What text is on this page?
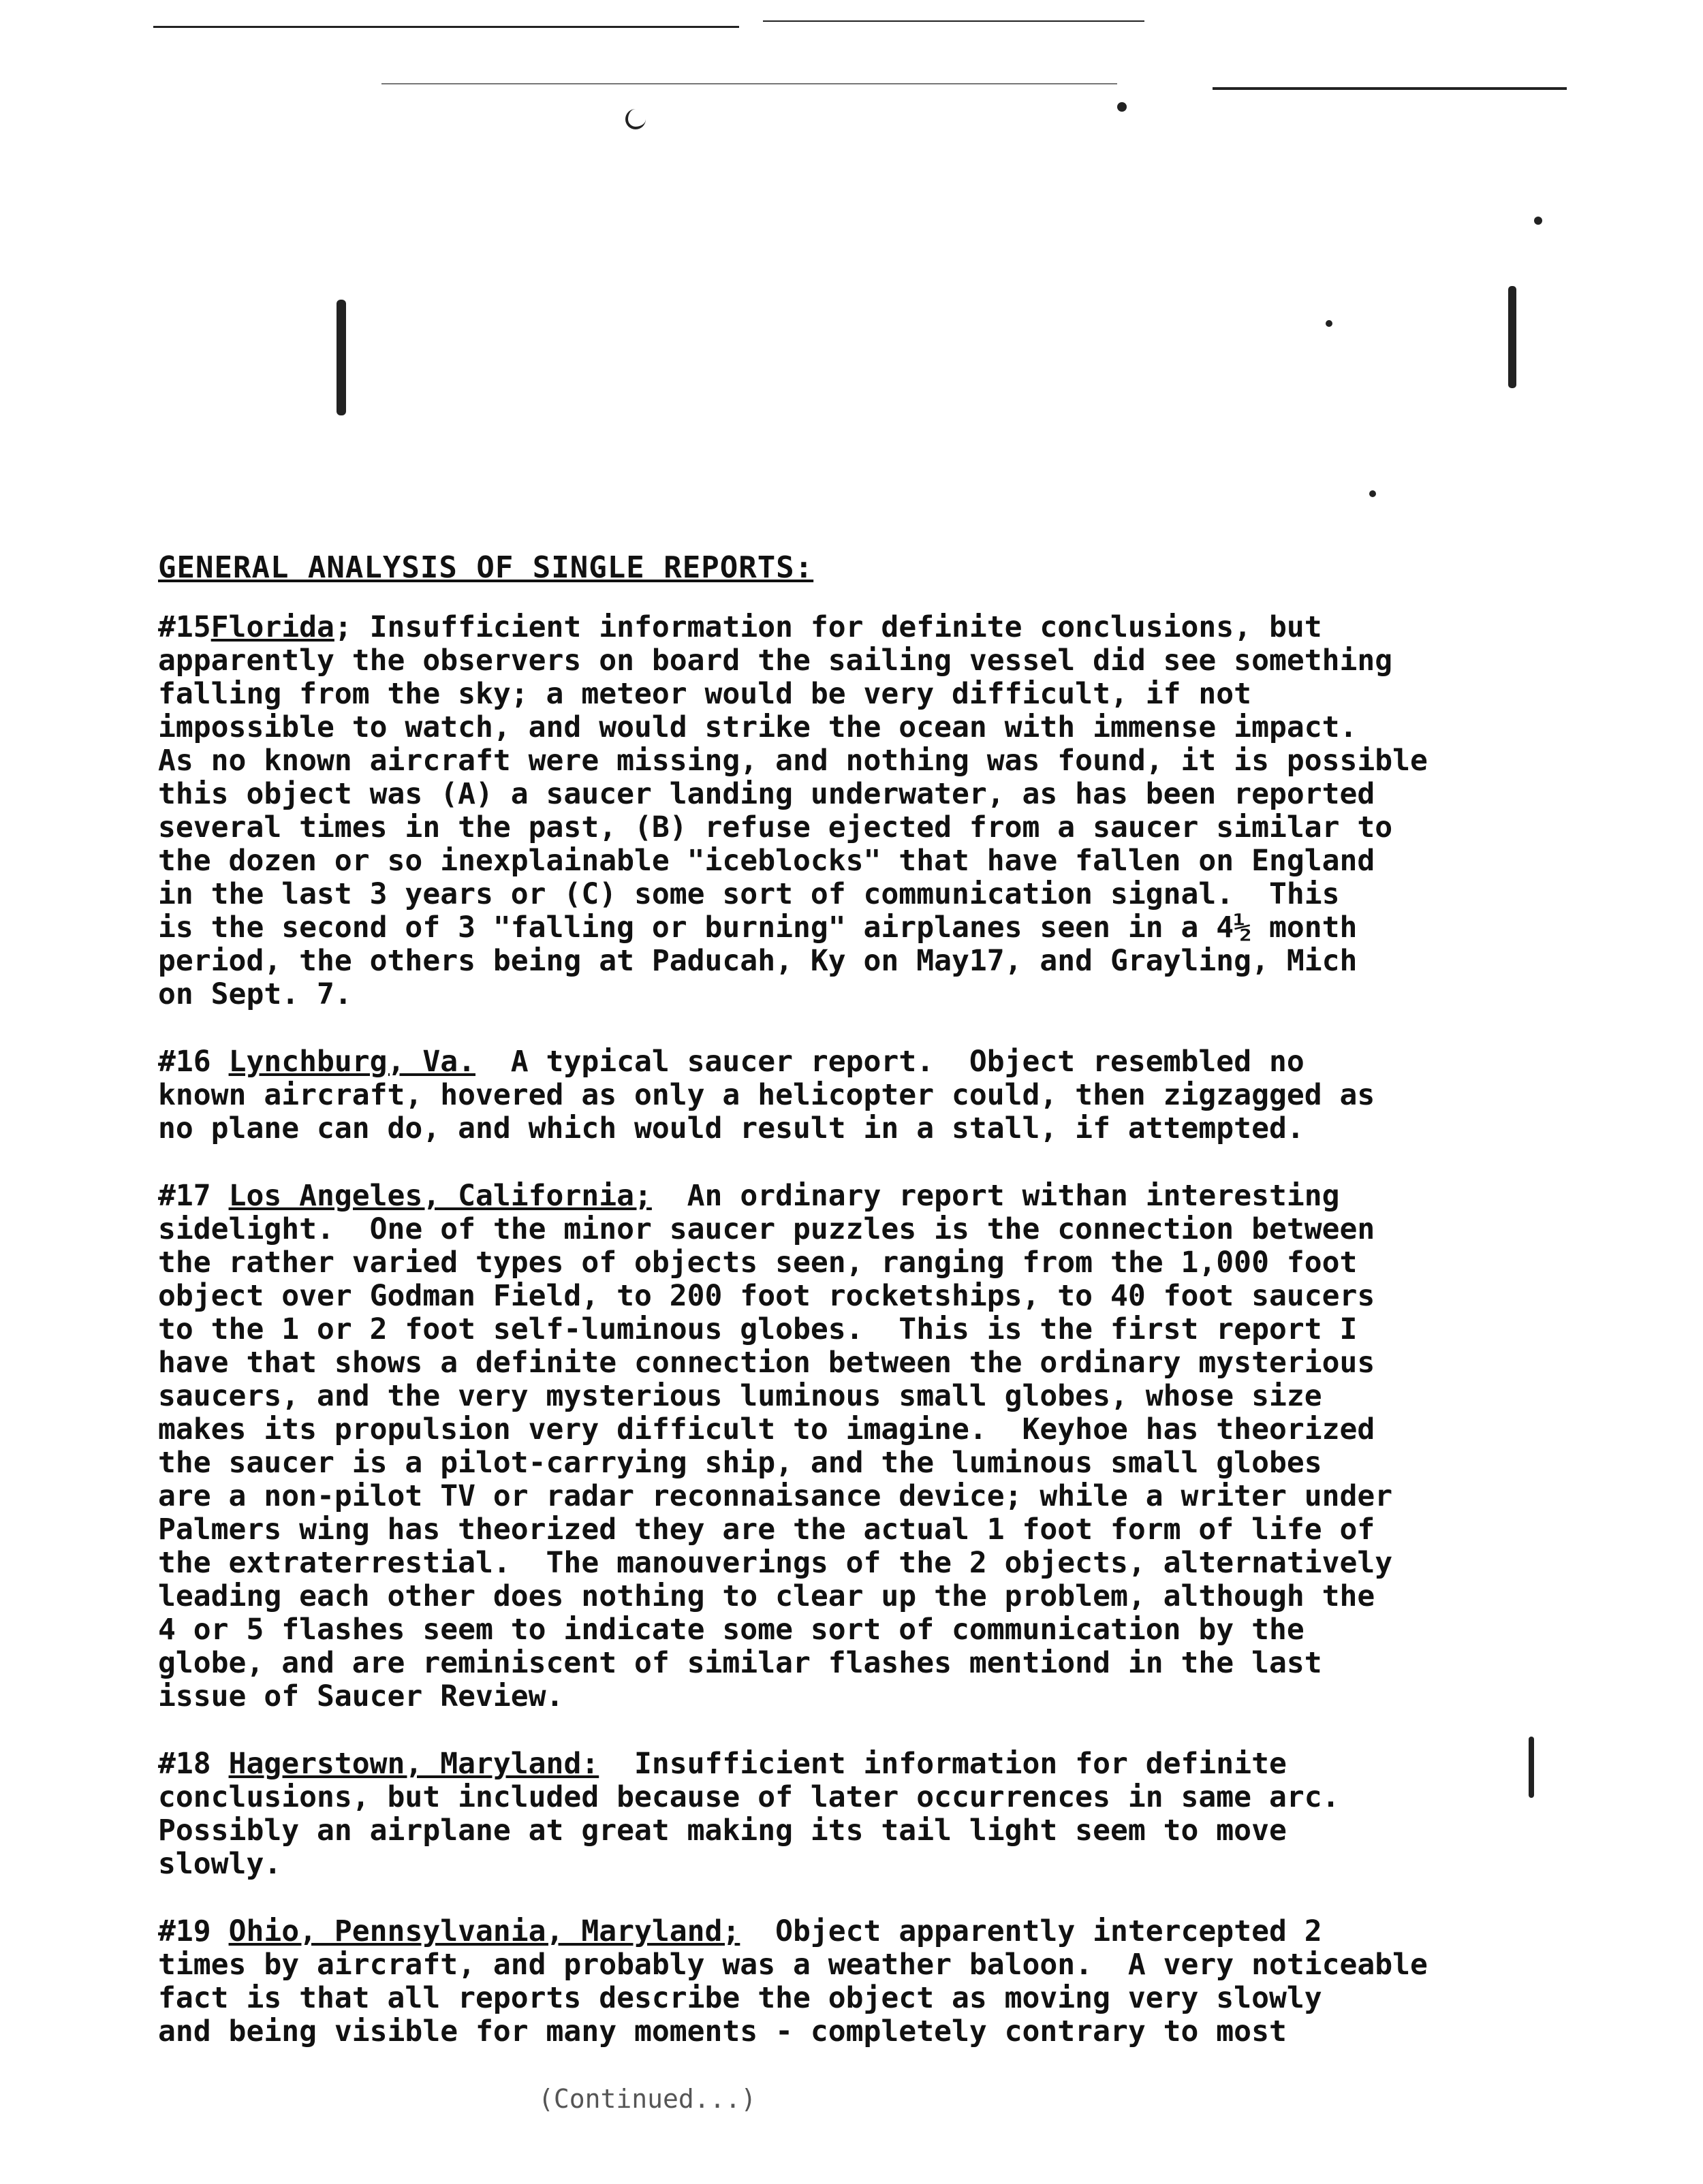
GENERAL ANALYSIS OF SINGLE REPORTS:
#15Florida; Insufficient information for definite conclusions, but
apparently the observers on board the sailing vessel did see something
falling from the sky; a meteor would be very difficult, if not
impossible to watch, and would strike the ocean with immense impact.
As no known aircraft were missing, and nothing was found, it is possible
this object was (A) a saucer landing underwater, as has been reported
several times in the past, (B) refuse ejected from a saucer similar to
the dozen or so inexplainable "iceblocks" that have fallen on England
in the last 3 years or (C) some sort of communication signal.  This
is the second of 3 "falling or burning" airplanes seen in a 4½ month
period, the others being at Paducah, Ky on May17, and Grayling, Mich
on Sept. 7.
#16 Lynchburg, Va.  A typical saucer report.  Object resembled no
known aircraft, hovered as only a helicopter could, then zigzagged as
no plane can do, and which would result in a stall, if attempted.
#17 Los Angeles, California;  An ordinary report withan interesting
sidelight.  One of the minor saucer puzzles is the connection between
the rather varied types of objects seen, ranging from the 1,000 foot
object over Godman Field, to 200 foot rocketships, to 40 foot saucers
to the 1 or 2 foot self-luminous globes.  This is the first report I
have that shows a definite connection between the ordinary mysterious
saucers, and the very mysterious luminous small globes, whose size
makes its propulsion very difficult to imagine.  Keyhoe has theorized
the saucer is a pilot-carrying ship, and the luminous small globes
are a non-pilot TV or radar reconnaisance device; while a writer under
Palmers wing has theorized they are the actual 1 foot form of life of
the extraterrestial.  The manouverings of the 2 objects, alternatively
leading each other does nothing to clear up the problem, although the
4 or 5 flashes seem to indicate some sort of communication by the
globe, and are reminiscent of similar flashes mentiond in the last
issue of Saucer Review.
#18 Hagerstown, Maryland:  Insufficient information for definite
conclusions, but included because of later occurrences in same arc.
Possibly an airplane at great making its tail light seem to move
slowly.
#19 Ohio, Pennsylvania, Maryland;  Object apparently intercepted 2
times by aircraft, and probably was a weather baloon.  A very noticeable
fact is that all reports describe the object as moving very slowly
and being visible for many moments - completely contrary to most
(Continued...)
